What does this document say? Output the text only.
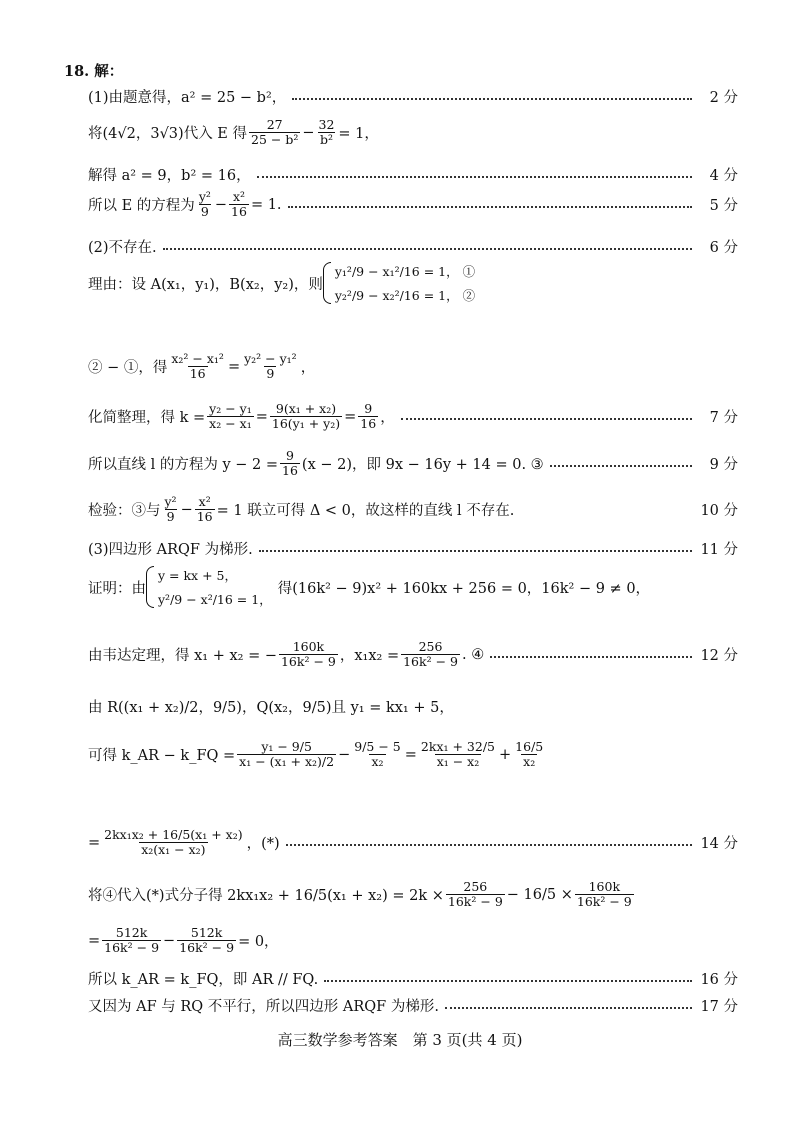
18. 解：
(1)由题意得，a² = 25 − b²，	2 分
将(4√2，3√3)代入 E 得 $\frac{27}{\text{25 − b²}} - \frac{32}{\text{b²}} = 1$，
解得 a² = 9，b² = 16，	4 分
所以 E 的方程为 $\frac{\text{y²}}{9} - \frac{\text{x²}}{16} = 1$.	5 分
(2)不存在.	6 分
理由：设 A(x₁，y₁)，B(x₂，y₂)，则
y₁²/9 − x₁²/16 = 1， ①
y₂²/9 − x₂²/16 = 1， ②
② − ①，得 $\frac{\text{x₂² − x₁²}}{16} = \frac{\text{y₂² − y₁²}}{9}$ ，
化简整理，得 $k = \frac{\text{y₂ − y₁}}{\text{x₂ − x₁}} = \frac{\text{9(x₁ + x₂)}}{\text{16(y₁ + y₂)}} = \frac{9}{16}$ ，	7 分
所以直线 l 的方程为 $y - 2 = \frac{9}{16} (x - 2)$，即 9x − 16y + 14 = 0. ③	9 分
检验：③与 $\frac{\text{y²}}{9} - \frac{\text{x²}}{16} = 1$ 联立可得 Δ < 0，故这样的直线 l 不存在.	10 分
(3)四边形 ARQF 为梯形.	11 分
证明：由
y = kx + 5，
y²/9 − x²/16 = 1，
得(16k² − 9)x² + 160kx + 256 = 0，16k² − 9 ≠ 0，
由韦达定理，得 x₁ + x₂ = − $\frac{160k}{\text{16k² − 9}}$ ，$x_1x_2 = \frac{256}{\text{16k² − 9}}$ . ④	12 分
由 R((x₁ + x₂)/2，9/5)，Q(x₂，9/5)且 y₁ = kx₁ + 5，
可得 k_AR − k_FQ = $\frac{\text{y₁ − 9/5}}{\text{x₁ − (x₁ + x₂)/2}} - \frac{9/5 - 5}{\text{x₂}} = \frac{\text{2kx₁ + 32/5}}{\text{x₁ − x₂}} + \frac{16/5}{\text{x₂}}$
= $\frac{\text{2kx₁x₂ + 16/5(x₁ + x₂)}}{\text{x₂(x₁ − x₂)}}$ ，(*)	14 分
将④代入(*)式分子得 $2kx_1x_2 + 16/5(x_1 + x_2) = 2k \times \frac{256}{\text{16k² − 9}} - 16/5 \times \frac{160k}{\text{16k² − 9}}$
= $\frac{512k}{\text{16k² − 9}} - \frac{512k}{\text{16k² − 9}} = 0$，
所以 k_AR = k_FQ，即 AR // FQ.	16 分
又因为 AF 与 RQ 不平行，所以四边形 ARQF 为梯形.	17 分
高三数学参考答案　第 3 页(共 4 页)
